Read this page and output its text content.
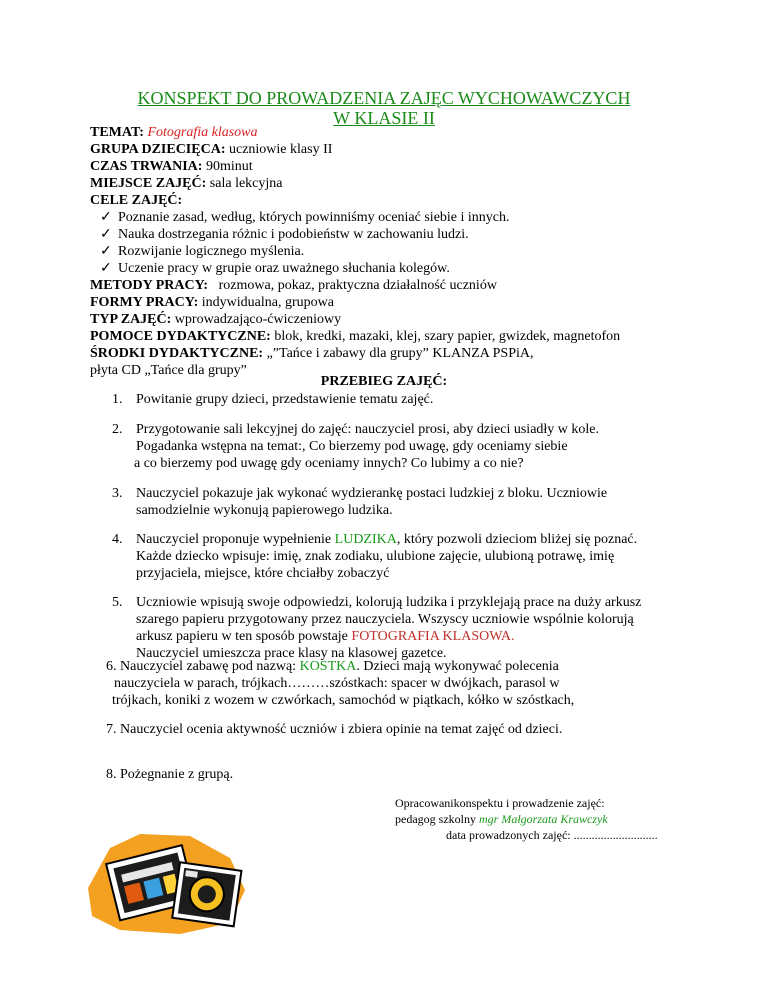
KONSPEKT DO PROWADZENIA ZAJĘC WYCHOWAWCZYCH
W KLASIE II
TEMAT: Fotografia klasowa
GRUPA DZIECIĘCA: uczniowie klasy II
CZAS TRWANIA: 90minut
MIEJSCE ZAJĘĆ: sala lekcyjna
CELE ZAJĘĆ:
✓ Poznanie zasad, według, których powinniśmy oceniać siebie i innych.
✓ Nauka dostrzegania różnic i podobieństw w zachowaniu ludzi.
✓ Rozwijanie logicznego myślenia.
✓ Uczenie pracy w grupie oraz uważnego słuchania kolegów.
METODY PRACY: rozmowa, pokaz, praktyczna działalność uczniów
FORMY PRACY: indywidualna, grupowa
TYP ZAJĘĆ: wprowadzająco-ćwiczeniowy
POMOCE DYDAKTYCZNE: blok, kredki, mazaki, klej, szary papier, gwizdek, magnetofon
ŚRODKI DYDAKTYCZNE: „”Tańce i zabawy dla grupy” KLANZA PSPiA,
płyta CD „Tańce dla grupy”
PRZEBIEG ZAJĘĆ:
1. Powitanie grupy dzieci, przedstawienie tematu zajęć.
2. Przygotowanie sali lekcyjnej do zajęć: nauczyciel prosi, aby dzieci usiadły w kole.
Pogadanka wstępna na temat:, Co bierzemy pod uwagę, gdy oceniamy siebie
a co bierzemy pod uwagę gdy oceniamy innych? Co lubimy a co nie?
3. Nauczyciel pokazuje jak wykonać wydzierankę postaci ludzkiej z bloku. Uczniowie
samodzielnie wykonują papierowego ludzika.
4. Nauczyciel proponuje wypełnienie LUDZIKA, który pozwoli dzieciom bliżej się poznać.
Każde dziecko wpisuje: imię, znak zodiaku, ulubione zajęcie, ulubioną potrawę, imię
przyjaciela, miejsce, które chciałby zobaczyć
5. Uczniowie wpisują swoje odpowiedzi, kolorują ludzika i przyklejają prace na duży arkusz
szarego papieru przygotowany przez nauczyciela. Wszyscy uczniowie wspólnie kolorują
arkusz papieru w ten sposób powstaje FOTOGRAFIA KLASOWA.
Nauczyciel umieszcza prace klasy na klasowej gazetce.
6. Nauczyciel zabawę pod nazwą: KOSTKA. Dzieci mają wykonywać polecenia
nauczyciela w parach, trójkach………szóstkach: spacer w dwójkach, parasol w
trójkach, koniki z wozem w czwórkach, samochód w piątkach, kółko w szóstkach,
7. Nauczyciel ocenia aktywność uczniów i zbiera opinie na temat zajęć od dzieci.
8. Pożegnanie z grupą.
Opracowanikonspektu i prowadzenie zajęć:
pedagog szkolny mgr Małgorzata Krawczyk
data prowadzonych zajęć: ............................
